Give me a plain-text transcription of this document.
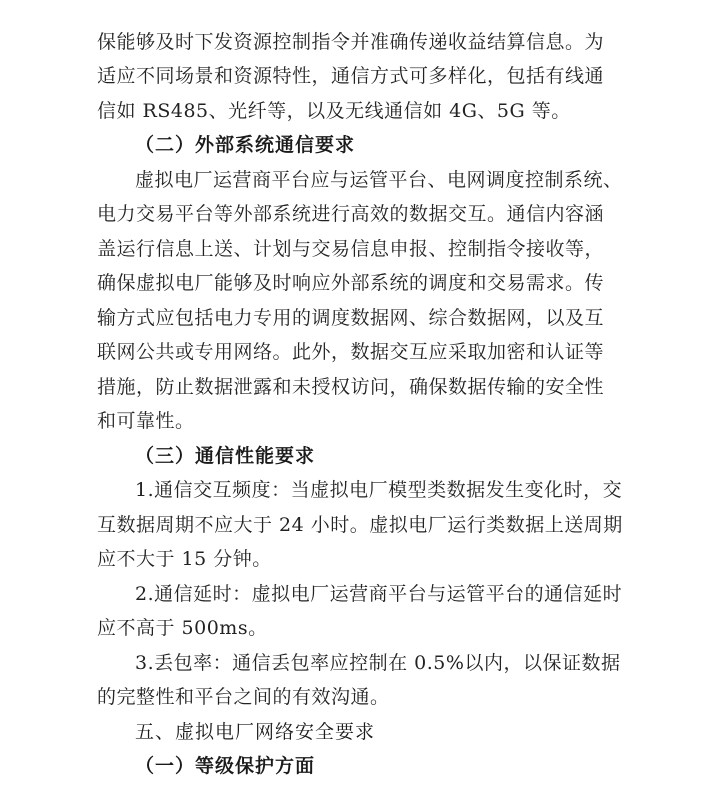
保能够及时下发资源控制指令并准确传递收益结算信息。为
适应不同场景和资源特性，通信方式可多样化，包括有线通
信如 RS485、光纤等，以及无线通信如 4G、5G 等。
（二）外部系统通信要求
虚拟电厂运营商平台应与运管平台、电网调度控制系统、
电力交易平台等外部系统进行高效的数据交互。通信内容涵
盖运行信息上送、计划与交易信息申报、控制指令接收等，
确保虚拟电厂能够及时响应外部系统的调度和交易需求。传
输方式应包括电力专用的调度数据网、综合数据网，以及互
联网公共或专用网络。此外，数据交互应采取加密和认证等
措施，防止数据泄露和未授权访问，确保数据传输的安全性
和可靠性。
（三）通信性能要求
1.通信交互频度：当虚拟电厂模型类数据发生变化时，交
互数据周期不应大于 24 小时。虚拟电厂运行类数据上送周期
应不大于 15 分钟。
2.通信延时：虚拟电厂运营商平台与运管平台的通信延时
应不高于 500ms。
3.丢包率：通信丢包率应控制在 0.5%以内，以保证数据
的完整性和平台之间的有效沟通。
五、虚拟电厂网络安全要求
（一）等级保护方面
